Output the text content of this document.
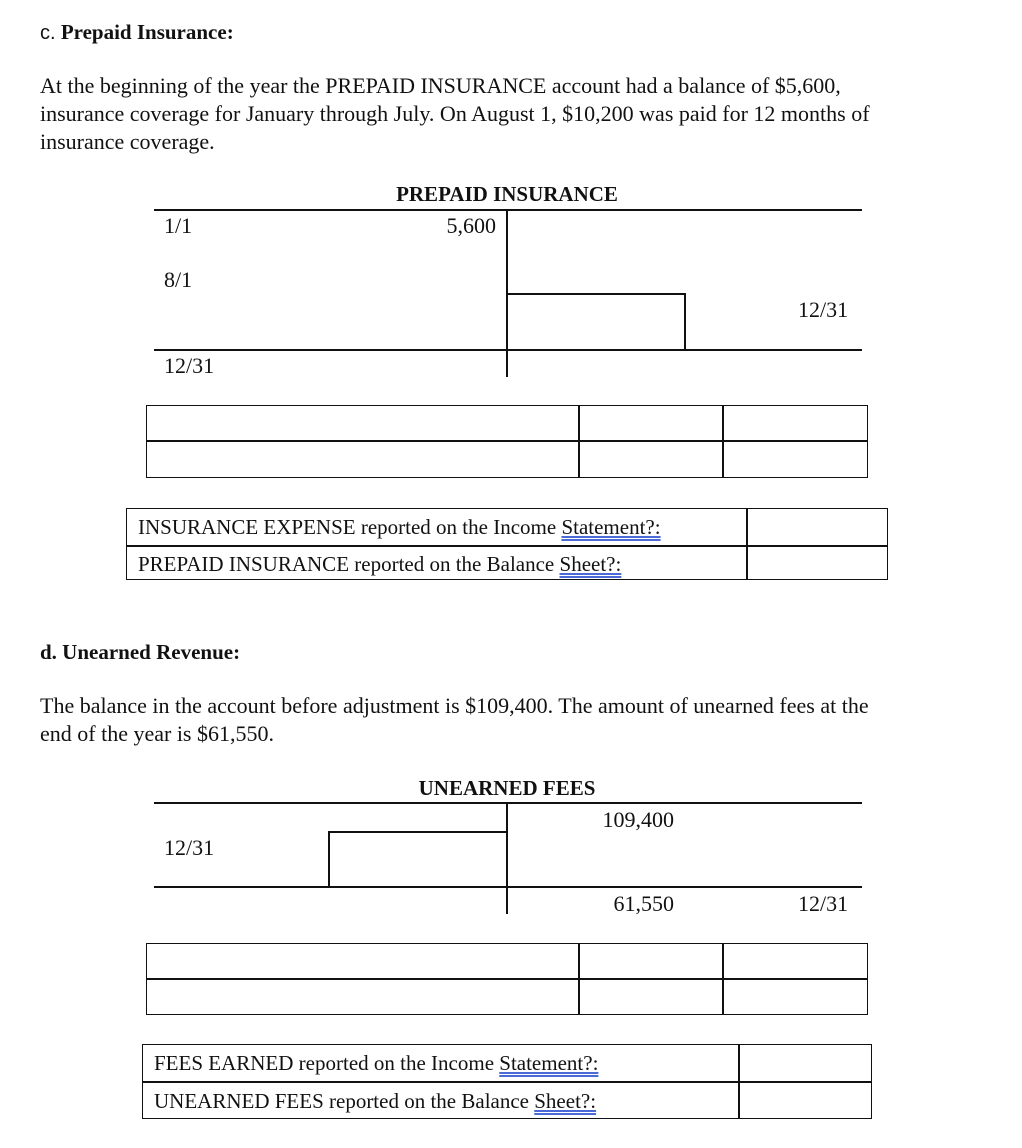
c. Prepaid Insurance:
At the beginning of the year the PREPAID INSURANCE account had a balance of $5,600,
insurance coverage for January through July. On August 1, $10,200 was paid for 12 months of
insurance coverage.
PREPAID INSURANCE
1/1	5,600
8/1
12/31
12/31
INSURANCE EXPENSE reported on the Income Statement?:
PREPAID INSURANCE reported on the Balance Sheet?:
d. Unearned Revenue:
The balance in the account before adjustment is $109,400. The amount of unearned fees at the
end of the year is $61,550.
UNEARNED FEES
109,400
12/31
61,550	12/31
FEES EARNED reported on the Income Statement?:
UNEARNED FEES reported on the Balance Sheet?:
